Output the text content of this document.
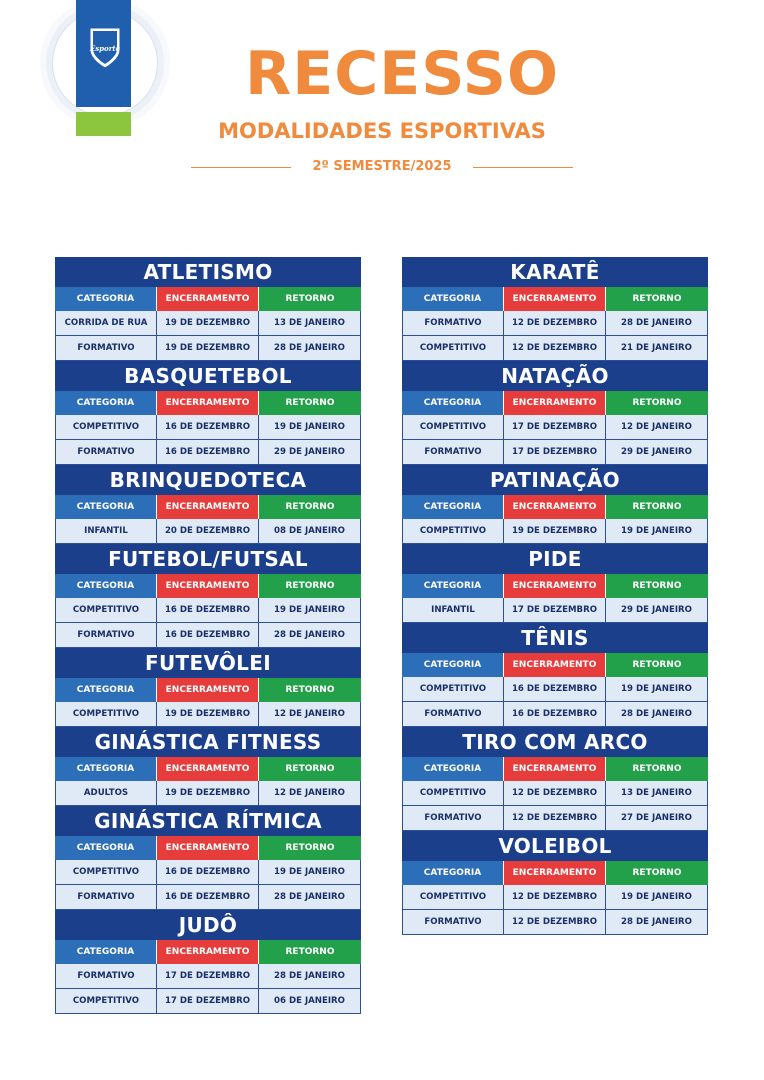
Esporte	RECESSO
MODALIDADES ESPORTIVAS
2º SEMESTRE/2025
ATLETISMO
CATEGORIA	ENCERRAMENTO	RETORNO
CORRIDA DE RUA	19 DE DEZEMBRO	13 DE JANEIRO
FORMATIVO	19 DE DEZEMBRO	28 DE JANEIRO
BASQUETEBOL
CATEGORIA	ENCERRAMENTO	RETORNO
COMPETITIVO	16 DE DEZEMBRO	19 DE JANEIRO
FORMATIVO	16 DE DEZEMBRO	29 DE JANEIRO
BRINQUEDOTECA
CATEGORIA	ENCERRAMENTO	RETORNO
INFANTIL	20 DE DEZEMBRO	08 DE JANEIRO
FUTEBOL/FUTSAL
CATEGORIA	ENCERRAMENTO	RETORNO
COMPETITIVO	16 DE DEZEMBRO	19 DE JANEIRO
FORMATIVO	16 DE DEZEMBRO	28 DE JANEIRO
FUTEVÔLEI
CATEGORIA	ENCERRAMENTO	RETORNO
COMPETITIVO	19 DE DEZEMBRO	12 DE JANEIRO
GINÁSTICA FITNESS
CATEGORIA	ENCERRAMENTO	RETORNO
ADULTOS	19 DE DEZEMBRO	12 DE JANEIRO
GINÁSTICA RÍTMICA
CATEGORIA	ENCERRAMENTO	RETORNO
COMPETITIVO	16 DE DEZEMBRO	19 DE JANEIRO
FORMATIVO	16 DE DEZEMBRO	28 DE JANEIRO
JUDÔ
CATEGORIA	ENCERRAMENTO	RETORNO
FORMATIVO	17 DE DEZEMBRO	28 DE JANEIRO
COMPETITIVO	17 DE DEZEMBRO	06 DE JANEIRO
KARATÊ
CATEGORIA	ENCERRAMENTO	RETORNO
FORMATIVO	12 DE DEZEMBRO	28 DE JANEIRO
COMPETITIVO	12 DE DEZEMBRO	21 DE JANEIRO
NATAÇÃO
CATEGORIA	ENCERRAMENTO	RETORNO
COMPETITIVO	17 DE DEZEMBRO	12 DE JANEIRO
FORMATIVO	17 DE DEZEMBRO	29 DE JANEIRO
PATINAÇÃO
CATEGORIA	ENCERRAMENTO	RETORNO
COMPETITIVO	19 DE DEZEMBRO	19 DE JANEIRO
PIDE
CATEGORIA	ENCERRAMENTO	RETORNO
INFANTIL	17 DE DEZEMBRO	29 DE JANEIRO
TÊNIS
CATEGORIA	ENCERRAMENTO	RETORNO
COMPETITIVO	16 DE DEZEMBRO	19 DE JANEIRO
FORMATIVO	16 DE DEZEMBRO	28 DE JANEIRO
TIRO COM ARCO
CATEGORIA	ENCERRAMENTO	RETORNO
COMPETITIVO	12 DE DEZEMBRO	13 DE JANEIRO
FORMATIVO	12 DE DEZEMBRO	27 DE JANEIRO
VOLEIBOL
CATEGORIA	ENCERRAMENTO	RETORNO
COMPETITIVO	12 DE DEZEMBRO	19 DE JANEIRO
FORMATIVO	12 DE DEZEMBRO	28 DE JANEIRO
